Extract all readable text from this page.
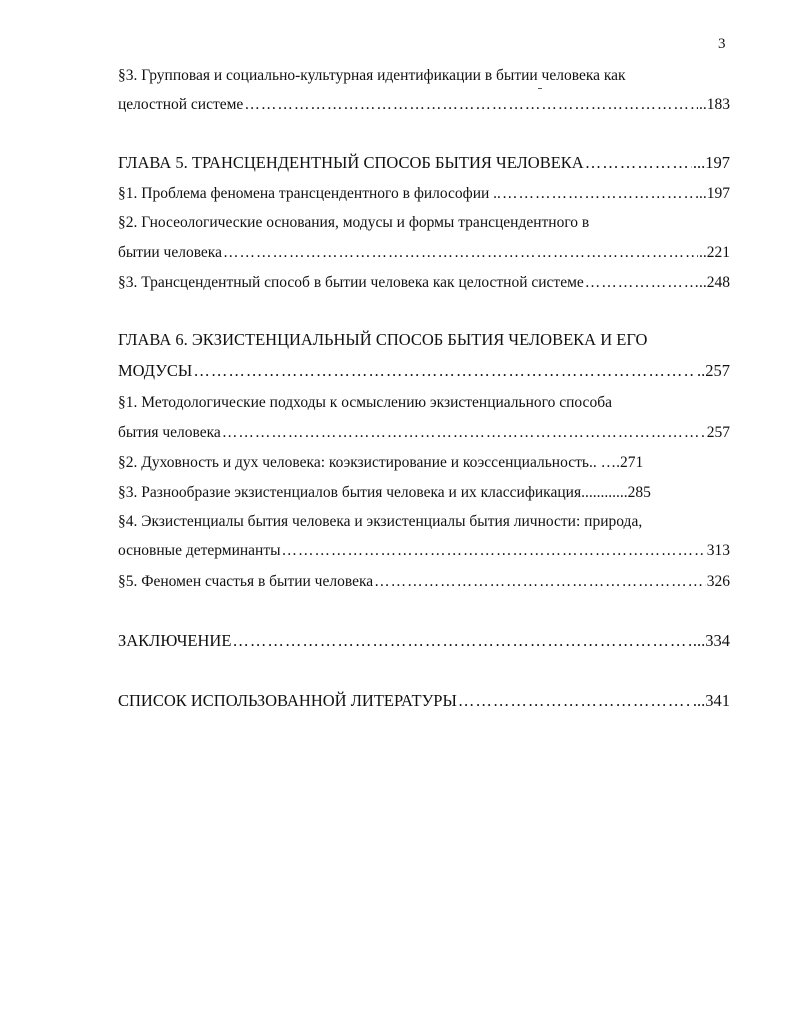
3
§3. Групповая и социально-культурная идентификации в бытии человека как
целостной системе ……………………………………………………………………………………………………………………………………………………………………………………	..183
ГЛАВА 5. ТРАНСЦЕНДЕНТНЫЙ СПОСОБ БЫТИЯ ЧЕЛОВЕКА ……………………………………………………………………………………………………………………………………………………………………………………	...197
§1. Проблема феномена трансцендентного в философии .. ……………………………………………………………………………………………………………………………………………………………………………………	...197
§2. Гносеологические основания, модусы и формы трансцендентного в
бытии человека ……………………………………………………………………………………………………………………………………………………………………………………	..221
§3. Трансцендентный способ в бытии человека как целостной системе ……………………………………………………………………………………………………………………………………………………………………………………	..248
ГЛАВА 6. ЭКЗИСТЕНЦИАЛЬНЫЙ СПОСОБ БЫТИЯ ЧЕЛОВЕКА И ЕГО
МОДУСЫ ……………………………………………………………………………………………………………………………………………………………………………………	..257
§1. Методологические подходы к осмыслению экзистенциального способа
бытия человека ……………………………………………………………………………………………………………………………………………………………………………………	257
§2. Духовность и дух человека: коэкзистирование и коэссенциальность.. ….271
§3. Разнообразие экзистенциалов бытия человека и их классификация............285
§4. Экзистенциалы бытия человека и экзистенциалы бытия личности: природа,
основные детерминанты ……………………………………………………………………………………………………………………………………………………………………………………	313
§5. Феномен счастья в бытии человека ……………………………………………………………………………………………………………………………………………………………………………………	326
ЗАКЛЮЧЕНИЕ ……………………………………………………………………………………………………………………………………………………………………………………	...334
СПИСОК ИСПОЛЬЗОВАННОЙ ЛИТЕРАТУРЫ ……………………………………………………………………………………………………………………………………………………………………………………	...341
